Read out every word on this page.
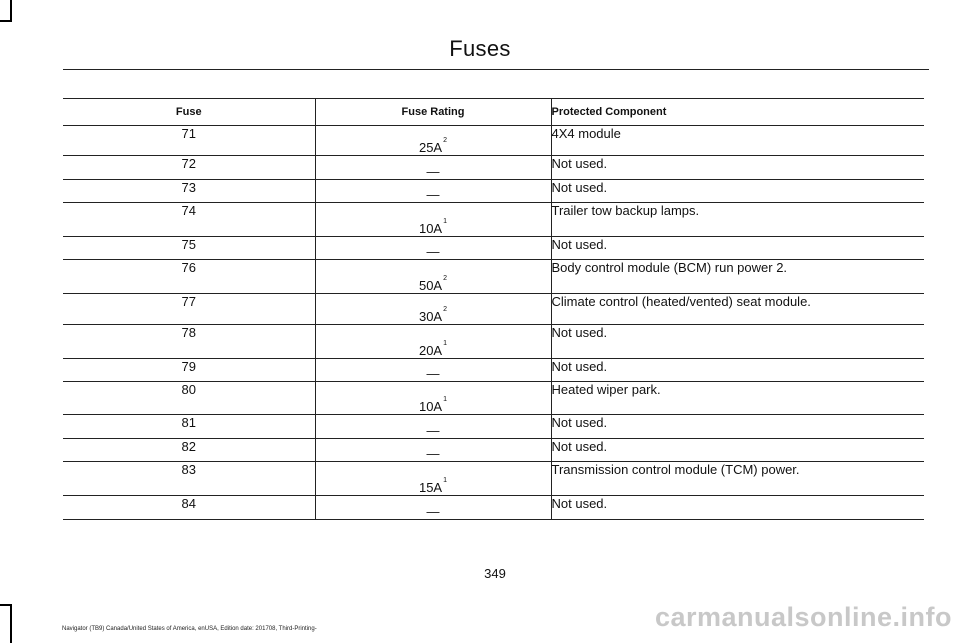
Fuses
Fuse	Fuse Rating	Protected Component
71	25A$^2$	4X4 module
72	—	Not used.
73	—	Not used.
74	10A$^1$	Trailer tow backup lamps.
75	—	Not used.
76	50A$^2$	Body control module (BCM) run power 2.
77	30A$^2$	Climate control (heated/vented) seat module.
78	20A$^1$	Not used.
79	—	Not used.
80	10A$^1$	Heated wiper park.
81	—	Not used.
82	—	Not used.
83	15A$^1$	Transmission control module (TCM) power.
84	—	Not used.
349
Navigator (TB9) Canada/United States of America, enUSA, Edition date: 201708, Third-Printing-	carmanualsonline.info
